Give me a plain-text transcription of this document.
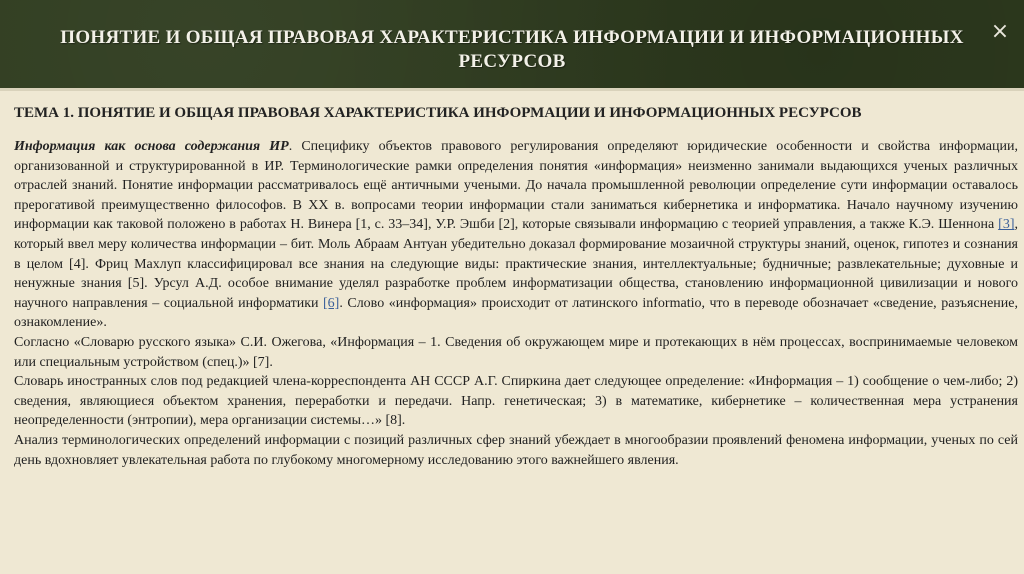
ПОНЯТИЕ И ОБЩАЯ ПРАВОВАЯ ХАРАКТЕРИСТИКА ИНФОРМАЦИИ И ИНФОРМАЦИОННЫХ РЕСУРСОВ
×
ТЕМА 1. ПОНЯТИЕ И ОБЩАЯ ПРАВОВАЯ ХАРАКТЕРИСТИКА ИНФОРМАЦИИ И ИНФОРМАЦИОННЫХ РЕСУРСОВ

Информация как основа содержания ИР. Специфику объектов правового регулирования определяют юридические особенности и свойства информации, организованной и структурированной в ИР. Терминологические рамки определения понятия «информация» неизменно занимали выдающихся ученых различных отраслей знаний. Понятие информации рассматривалось ещё античными учеными. До начала промышленной революции определение сути информации оставалось прерогативой преимущественно философов. В XX в. вопросами теории информации стали заниматься кибернетика и информатика. Начало научному изучению информации как таковой положено в работах Н. Винера [1, с. 33–34], У.Р. Эшби [2], которые связывали информацию с теорией управления, а также К.Э. Шеннона [3], который ввел меру количества информации – бит. Моль Абраам Антуан убедительно доказал формирование мозаичной структуры знаний, оценок, гипотез и сознания в целом [4]. Фриц Махлуп классифицировал все знания на следующие виды: практические знания, интеллектуальные; будничные; развлекательные; духовные и ненужные знания [5]. Урсул А.Д. особое внимание уделял разработке проблем информатизации общества, становлению информационной цивилизации и нового научного направления – социальной информатики [6]. Слово «информация» происходит от латинского informatio, что в переводе обозначает «сведение, разъяснение, ознакомление».

Согласно «Словарю русского языка» С.И. Ожегова, «Информация – 1. Сведения об окружающем мире и протекающих в нём процессах, воспринимаемые человеком или специальным устройством (спец.)» [7].

Словарь иностранных слов под редакцией члена-корреспондента АН СССР А.Г. Спиркина дает следующее определение: «Информация – 1) сообщение о чем-либо; 2) сведения, являющиеся объектом хранения, переработки и передачи. Напр. генетическая; 3) в математике, кибернетике – количественная мера устранения неопределенности (энтропии), мера организации системы…» [8].

Анализ терминологических определений информации с позиций различных сфер знаний убеждает в многообразии проявлений феномена информации, ученых по сей день вдохновляет увлекательная работа по глубокому многомерному исследованию этого важнейшего явления.
